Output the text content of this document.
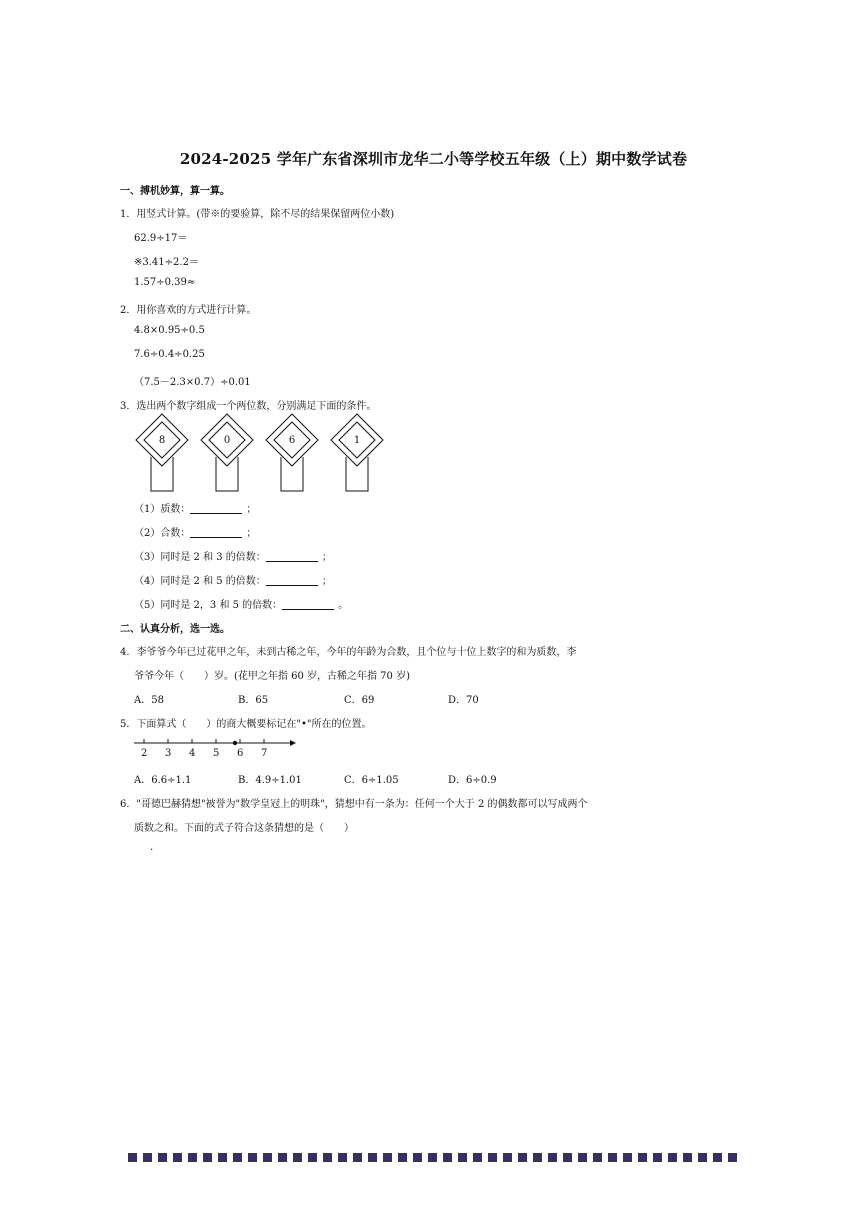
2024-2025 学年广东省深圳市龙华二小等学校五年级（上）期中数学试卷
一、搏机妙算，算一算。
1．用竖式计算。(带※的要验算，除不尽的结果保留两位小数)
62.9÷17＝
※3.41÷2.2＝
1.57÷0.39≈
2．用你喜欢的方式进行计算。
4.8×0.95÷0.5
7.6÷0.4÷0.25
（7.5－2.3×0.7）÷0.01
3．选出两个数字组成一个两位数，分别满足下面的条件。
8	0	6	1
（1）质数：	；
（2）合数：	；
（3）同时是 2 和 3 的倍数：	；
（4）同时是 2 和 5 的倍数：	；
（5）同时是 2，3 和 5 的倍数：	。
二、认真分析，选一选。
4．李爷爷今年已过花甲之年，未到古稀之年，今年的年龄为合数，且个位与十位上数字的和为质数，李
爷爷今年（　　）岁。(花甲之年指 60 岁，古稀之年指 70 岁)
A．58	B．65	C．69	D．70
5．下面算式（　　）的商大概要标记在"•"所在的位置。
2 3 4 5 6 7
A．6.6÷1.1	B．4.9÷1.01	C．6÷1.05	D．6÷0.9
6．"哥德巴赫猜想"被誉为"数学皇冠上的明珠"，猜想中有一条为：任何一个大于 2 的偶数都可以写成两个
质数之和。下面的式子符合这条猜想的是（　　）
.
